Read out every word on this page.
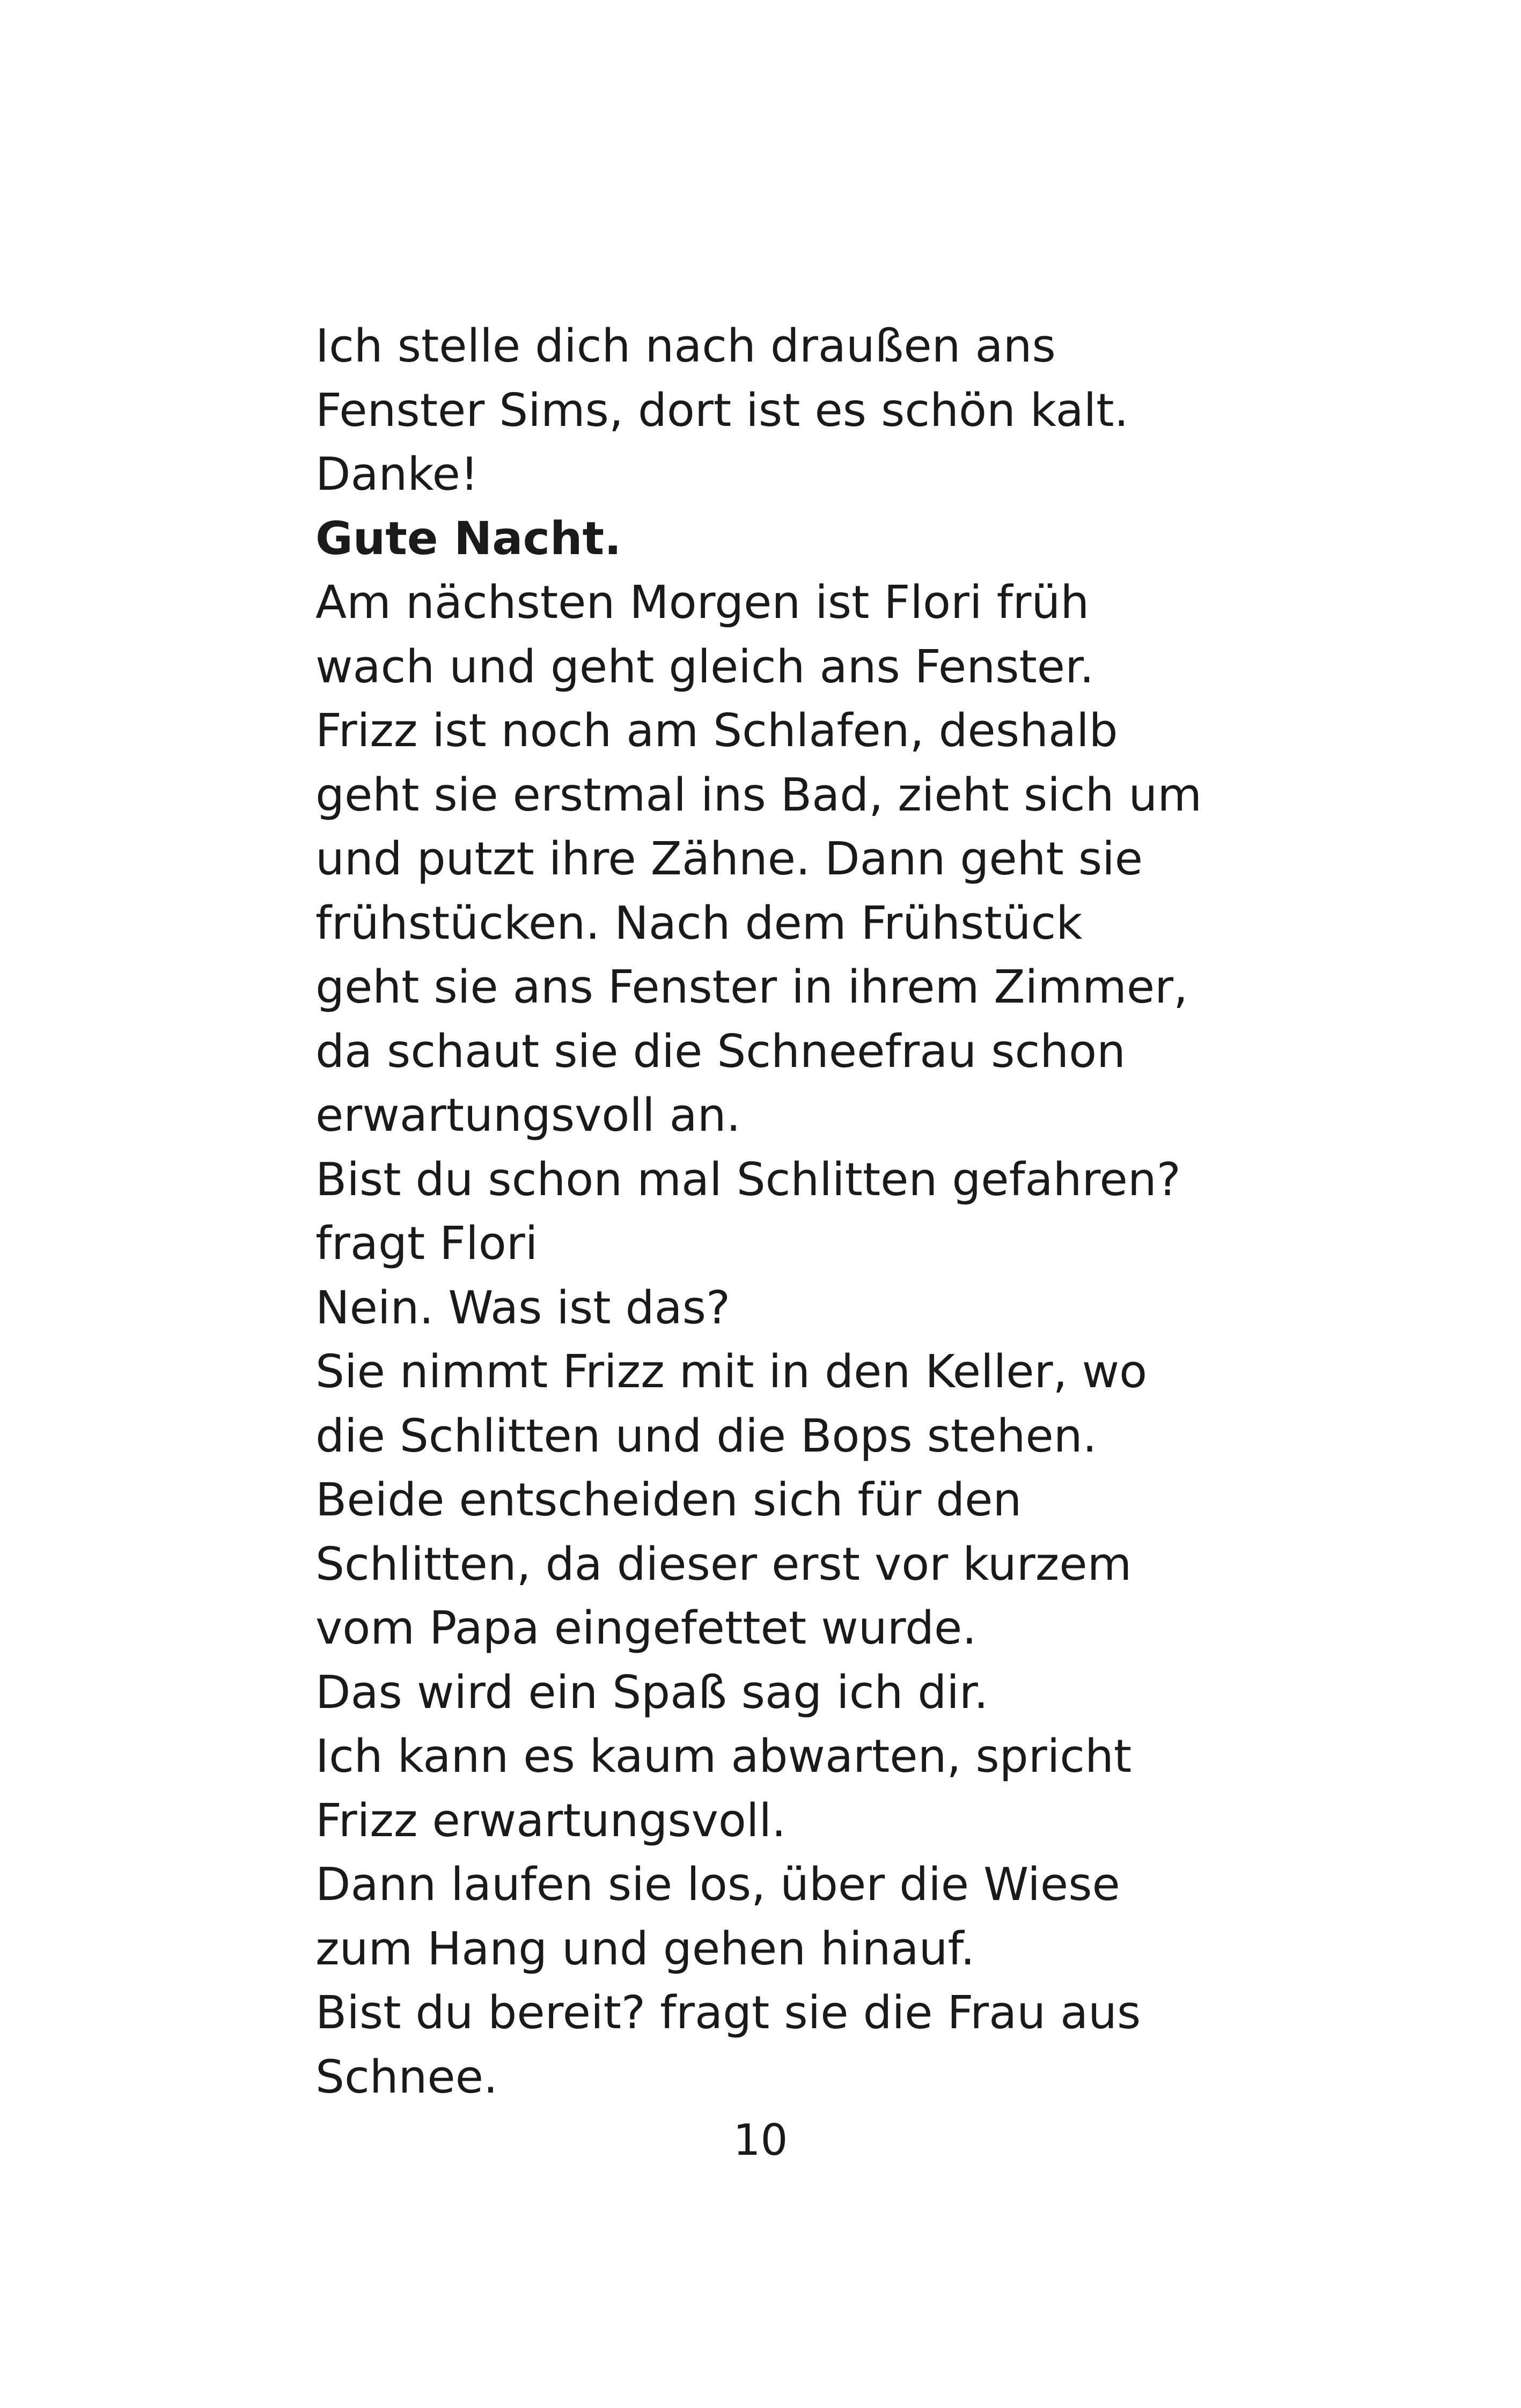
Ich stelle dich nach draußen ans
Fenster Sims, dort ist es schön kalt.
Danke!
Gute Nacht.
Am nächsten Morgen ist Flori früh
wach und geht gleich ans Fenster.
Frizz ist noch am Schlafen, deshalb
geht sie erstmal ins Bad, zieht sich um
und putzt ihre Zähne. Dann geht sie
frühstücken. Nach dem Frühstück
geht sie ans Fenster in ihrem Zimmer,
da schaut sie die Schneefrau schon
erwartungsvoll an.
Bist du schon mal Schlitten gefahren?
fragt Flori
Nein. Was ist das?
Sie nimmt Frizz mit in den Keller, wo
die Schlitten und die Bops stehen.
Beide entscheiden sich für den
Schlitten, da dieser erst vor kurzem
vom Papa eingefettet wurde.
Das wird ein Spaß sag ich dir.
Ich kann es kaum abwarten, spricht
Frizz erwartungsvoll.
Dann laufen sie los, über die Wiese
zum Hang und gehen hinauf.
Bist du bereit? fragt sie die Frau aus
Schnee.
10
